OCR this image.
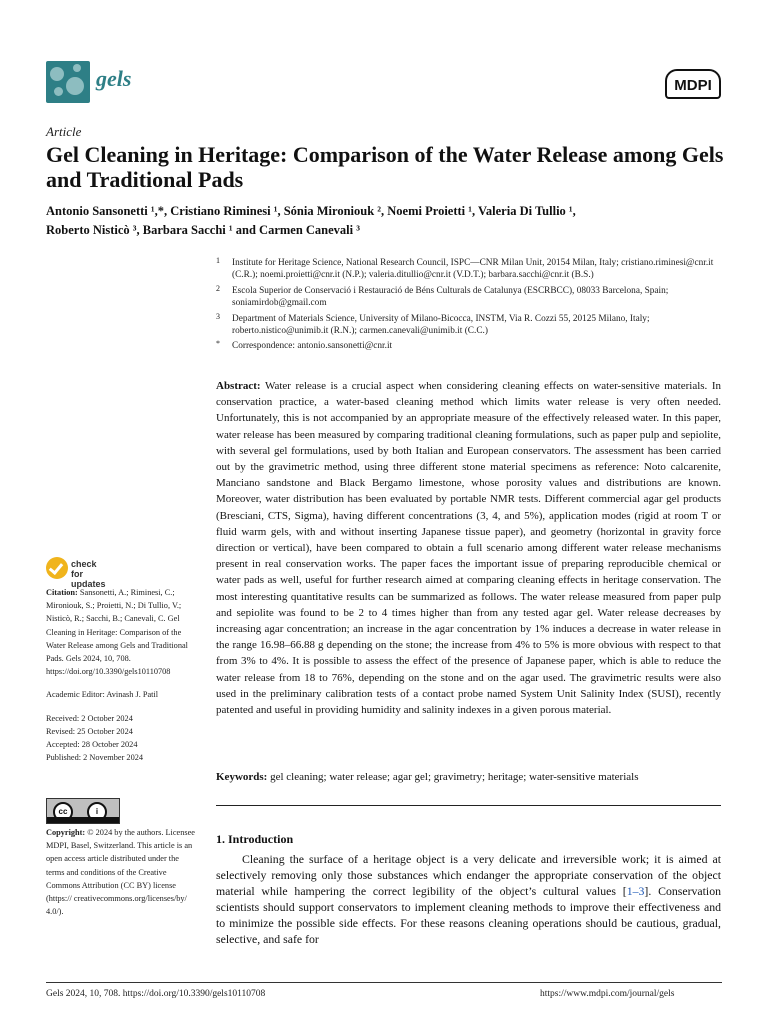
gels	MDPI
Article
Gel Cleaning in Heritage: Comparison of the Water Release among Gels and Traditional Pads
Antonio Sansonetti ¹,*, Cristiano Riminesi ¹, Sónia Mironiouk ², Noemi Proietti ¹, Valeria Di Tullio ¹,
Roberto Nisticò ³, Barbara Sacchi ¹ and Carmen Canevali ³
1 Institute for Heritage Science, National Research Council, ISPC—CNR Milan Unit, 20154 Milan, Italy; cristiano.riminesi@cnr.it (C.R.); noemi.proietti@cnr.it (N.P.); valeria.ditullio@cnr.it (V.D.T.); barbara.sacchi@cnr.it (B.S.)
2 Escola Superior de Conservació i Restauració de Béns Culturals de Catalunya (ESCRBCC), 08033 Barcelona, Spain; soniamirdob@gmail.com
3 Department of Materials Science, University of Milano-Bicocca, INSTM, Via R. Cozzi 55, 20125 Milano, Italy; roberto.nistico@unimib.it (R.N.); carmen.canevali@unimib.it (C.C.)
* Correspondence: antonio.sansonetti@cnr.it
Abstract: Water release is a crucial aspect when considering cleaning effects on water-sensitive materials. In conservation practice, a water-based cleaning method which limits water release is very often needed. Unfortunately, this is not accompanied by an appropriate measure of the effectively released water. In this paper, water release has been measured by comparing traditional cleaning formulations, such as paper pulp and sepiolite, with several gel formulations, used by both Italian and European conservators. The assessment has been carried out by the gravimetric method, using three different stone material specimens as reference: Noto calcarenite, Manciano sandstone and Black Bergamo limestone, whose porosity values and distributions are known. Moreover, water distribution has been evaluated by portable NMR tests. Different commercial agar gel products (Bresciani, CTS, Sigma), having different concentrations (3, 4, and 5%), application modes (rigid at room T or fluid warm gels, with and without inserting Japanese tissue paper), and geometry (horizontal in gravity force direction or vertical), have been compared to obtain a full scenario among different water release mechanisms present in real conservation works. The paper faces the important issue of preparing reproducible chemical or water pads as well, useful for further research aimed at comparing cleaning effects in heritage conservation. The most interesting quantitative results can be summarized as follows. The water release measured from paper pulp and sepiolite was found to be 2 to 4 times higher than from any tested agar gel. Water release decreases by increasing agar concentration; an increase in the agar concentration by 1% induces a decrease in water release in the range 16.98–66.88 g depending on the stone; the increase from 4% to 5% is more obvious with respect to that from 3% to 4%. It is possible to assess the effect of the presence of Japanese paper, which is able to reduce the water release from 18 to 76%, depending on the stone and on the agar used. The gravimetric results were also used in the preliminary calibration tests of a contact probe named System Unit Salinity Index (SUSI), recently patented and useful in providing humidity and salinity indexes in a given porous material.
Keywords: gel cleaning; water release; agar gel; gravimetry; heritage; water-sensitive materials
check for updates

Citation: Sansonetti, A.; Riminesi, C.; Mironiouk, S.; Proietti, N.; Di Tullio, V.; Nisticò, R.; Sacchi, B.; Canevali, C. Gel Cleaning in Heritage: Comparison of the Water Release among Gels and Traditional Pads. Gels 2024, 10, 708. https://doi.org/10.3390/gels10110708

Academic Editor: Avinash J. Patil

Received: 2 October 2024

Revised: 25 October 2024

Accepted: 28 October 2024

Published: 2 November 2024

cc	i

Copyright: © 2024 by the authors. Licensee MDPI, Basel, Switzerland. This article is an open access article distributed under the terms and conditions of the Creative Commons Attribution (CC BY) license (https:// creativecommons.org/licenses/by/ 4.0/).

1. Introduction
Cleaning the surface of a heritage object is a very delicate and irreversible work; it is aimed at selectively removing only those substances which endanger the appropriate conservation of the object material while hampering the correct legibility of the object’s cultural values [1–3]. Conservation scientists should support conservators to implement cleaning methods to improve their effectiveness and to minimize the possible side effects. For these reasons cleaning operations should be cautious, gradual, selective, and safe for
Gels 2024, 10, 708. https://doi.org/10.3390/gels10110708	https://www.mdpi.com/journal/gels
